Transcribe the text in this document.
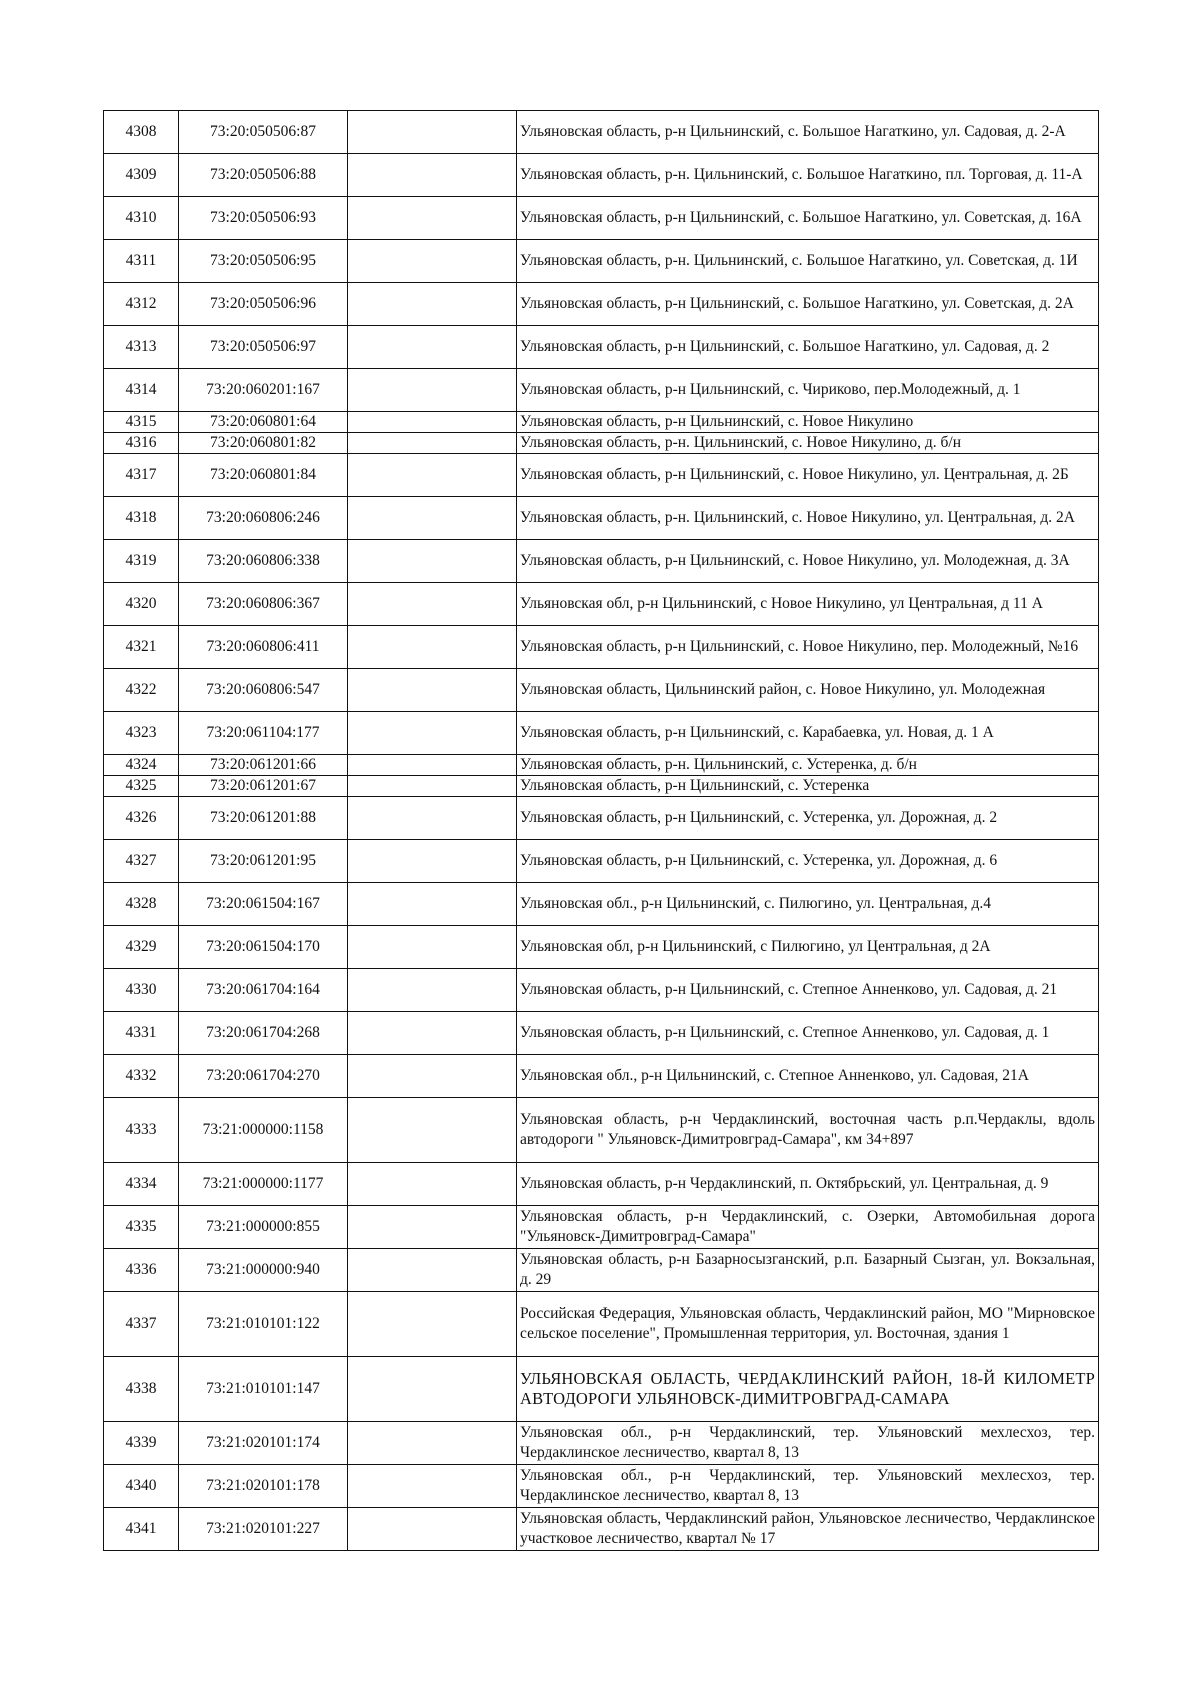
4308	73:20:050506:87		Ульяновская область, р-н Цильнинский, с. Большое Нагаткино, ул. Садовая, д. 2-А
4309	73:20:050506:88		Ульяновская область, р-н. Цильнинский, с. Большое Нагаткино, пл. Торговая, д. 11-А
4310	73:20:050506:93		Ульяновская область, р-н Цильнинский, с. Большое Нагаткино, ул. Советская, д. 16А
4311	73:20:050506:95		Ульяновская область, р-н. Цильнинский, с. Большое Нагаткино, ул. Советская, д. 1И
4312	73:20:050506:96		Ульяновская область, р-н Цильнинский, с. Большое Нагаткино, ул. Советская, д. 2А
4313	73:20:050506:97		Ульяновская область, р-н Цильнинский, с. Большое Нагаткино, ул. Садовая, д. 2
4314	73:20:060201:167		Ульяновская область, р-н Цильнинский, с. Чириково, пер.Молодежный, д. 1
4315	73:20:060801:64		Ульяновская область, р-н Цильнинский, с. Новое Никулино
4316	73:20:060801:82		Ульяновская область, р-н. Цильнинский, с. Новое Никулино, д. б/н
4317	73:20:060801:84		Ульяновская область, р-н Цильнинский, с. Новое Никулино, ул. Центральная, д. 2Б
4318	73:20:060806:246		Ульяновская область, р-н. Цильнинский, с. Новое Никулино, ул. Центральная, д. 2А
4319	73:20:060806:338		Ульяновская область, р-н Цильнинский, с. Новое Никулино, ул. Молодежная, д. 3А
4320	73:20:060806:367		Ульяновская обл, р-н Цильнинский, с Новое Никулино, ул Центральная, д 11 А
4321	73:20:060806:411		Ульяновская область, р-н Цильнинский, с. Новое Никулино, пер. Молодежный, №16
4322	73:20:060806:547		Ульяновская область, Цильнинский район, с. Новое Никулино, ул. Молодежная
4323	73:20:061104:177		Ульяновская область, р-н Цильнинский, с. Карабаевка, ул. Новая, д. 1 А
4324	73:20:061201:66		Ульяновская область, р-н. Цильнинский, с. Устеренка, д. б/н
4325	73:20:061201:67		Ульяновская область, р-н Цильнинский, с. Устеренка
4326	73:20:061201:88		Ульяновская область, р-н Цильнинский, с. Устеренка, ул. Дорожная, д. 2
4327	73:20:061201:95		Ульяновская область, р-н Цильнинский, с. Устеренка, ул. Дорожная, д. 6
4328	73:20:061504:167		Ульяновская обл., р-н Цильнинский, с. Пилюгино, ул. Центральная, д.4
4329	73:20:061504:170		Ульяновская обл, р-н Цильнинский, с Пилюгино, ул Центральная, д 2А
4330	73:20:061704:164		Ульяновская область, р-н Цильнинский, с. Степное Анненково, ул. Садовая, д. 21
4331	73:20:061704:268		Ульяновская область, р-н Цильнинский, с. Степное Анненково, ул. Садовая, д. 1
4332	73:20:061704:270		Ульяновская обл., р-н Цильнинский, с. Степное Анненково, ул. Садовая, 21А
4333	73:21:000000:1158		Ульяновская область, р-н Чердаклинский, восточная часть р.п.Чердаклы, вдоль автодороги " Ульяновск-Димитровград-Самара", км 34+897
4334	73:21:000000:1177		Ульяновская область, р-н Чердаклинский, п. Октябрьский, ул. Центральная, д. 9
4335	73:21:000000:855		Ульяновская область, р-н Чердаклинский, с. Озерки, Автомобильная дорога "Ульяновск-Димитровград-Самара"
4336	73:21:000000:940		Ульяновская область, р-н Базарносызганский, р.п. Базарный Сызган, ул. Вокзальная, д. 29
4337	73:21:010101:122		Российская Федерация, Ульяновская область, Чердаклинский район, МО "Мирновское сельское поселение", Промышленная территория, ул. Восточная, здания 1
4338	73:21:010101:147		УЛЬЯНОВСКАЯ ОБЛАСТЬ, ЧЕРДАКЛИНСКИЙ РАЙОН, 18-Й КИЛОМЕТР АВТОДОРОГИ УЛЬЯНОВСК-ДИМИТРОВГРАД-САМАРА
4339	73:21:020101:174		Ульяновская обл., р-н Чердаклинский, тер. Ульяновский мехлесхоз, тер. Чердаклинское лесничество, квартал 8, 13
4340	73:21:020101:178		Ульяновская обл., р-н Чердаклинский, тер. Ульяновский мехлесхоз, тер. Чердаклинское лесничество, квартал 8, 13
4341	73:21:020101:227		Ульяновская область, Чердаклинский район, Ульяновское лесничество, Чердаклинское участковое лесничество, квартал № 17
